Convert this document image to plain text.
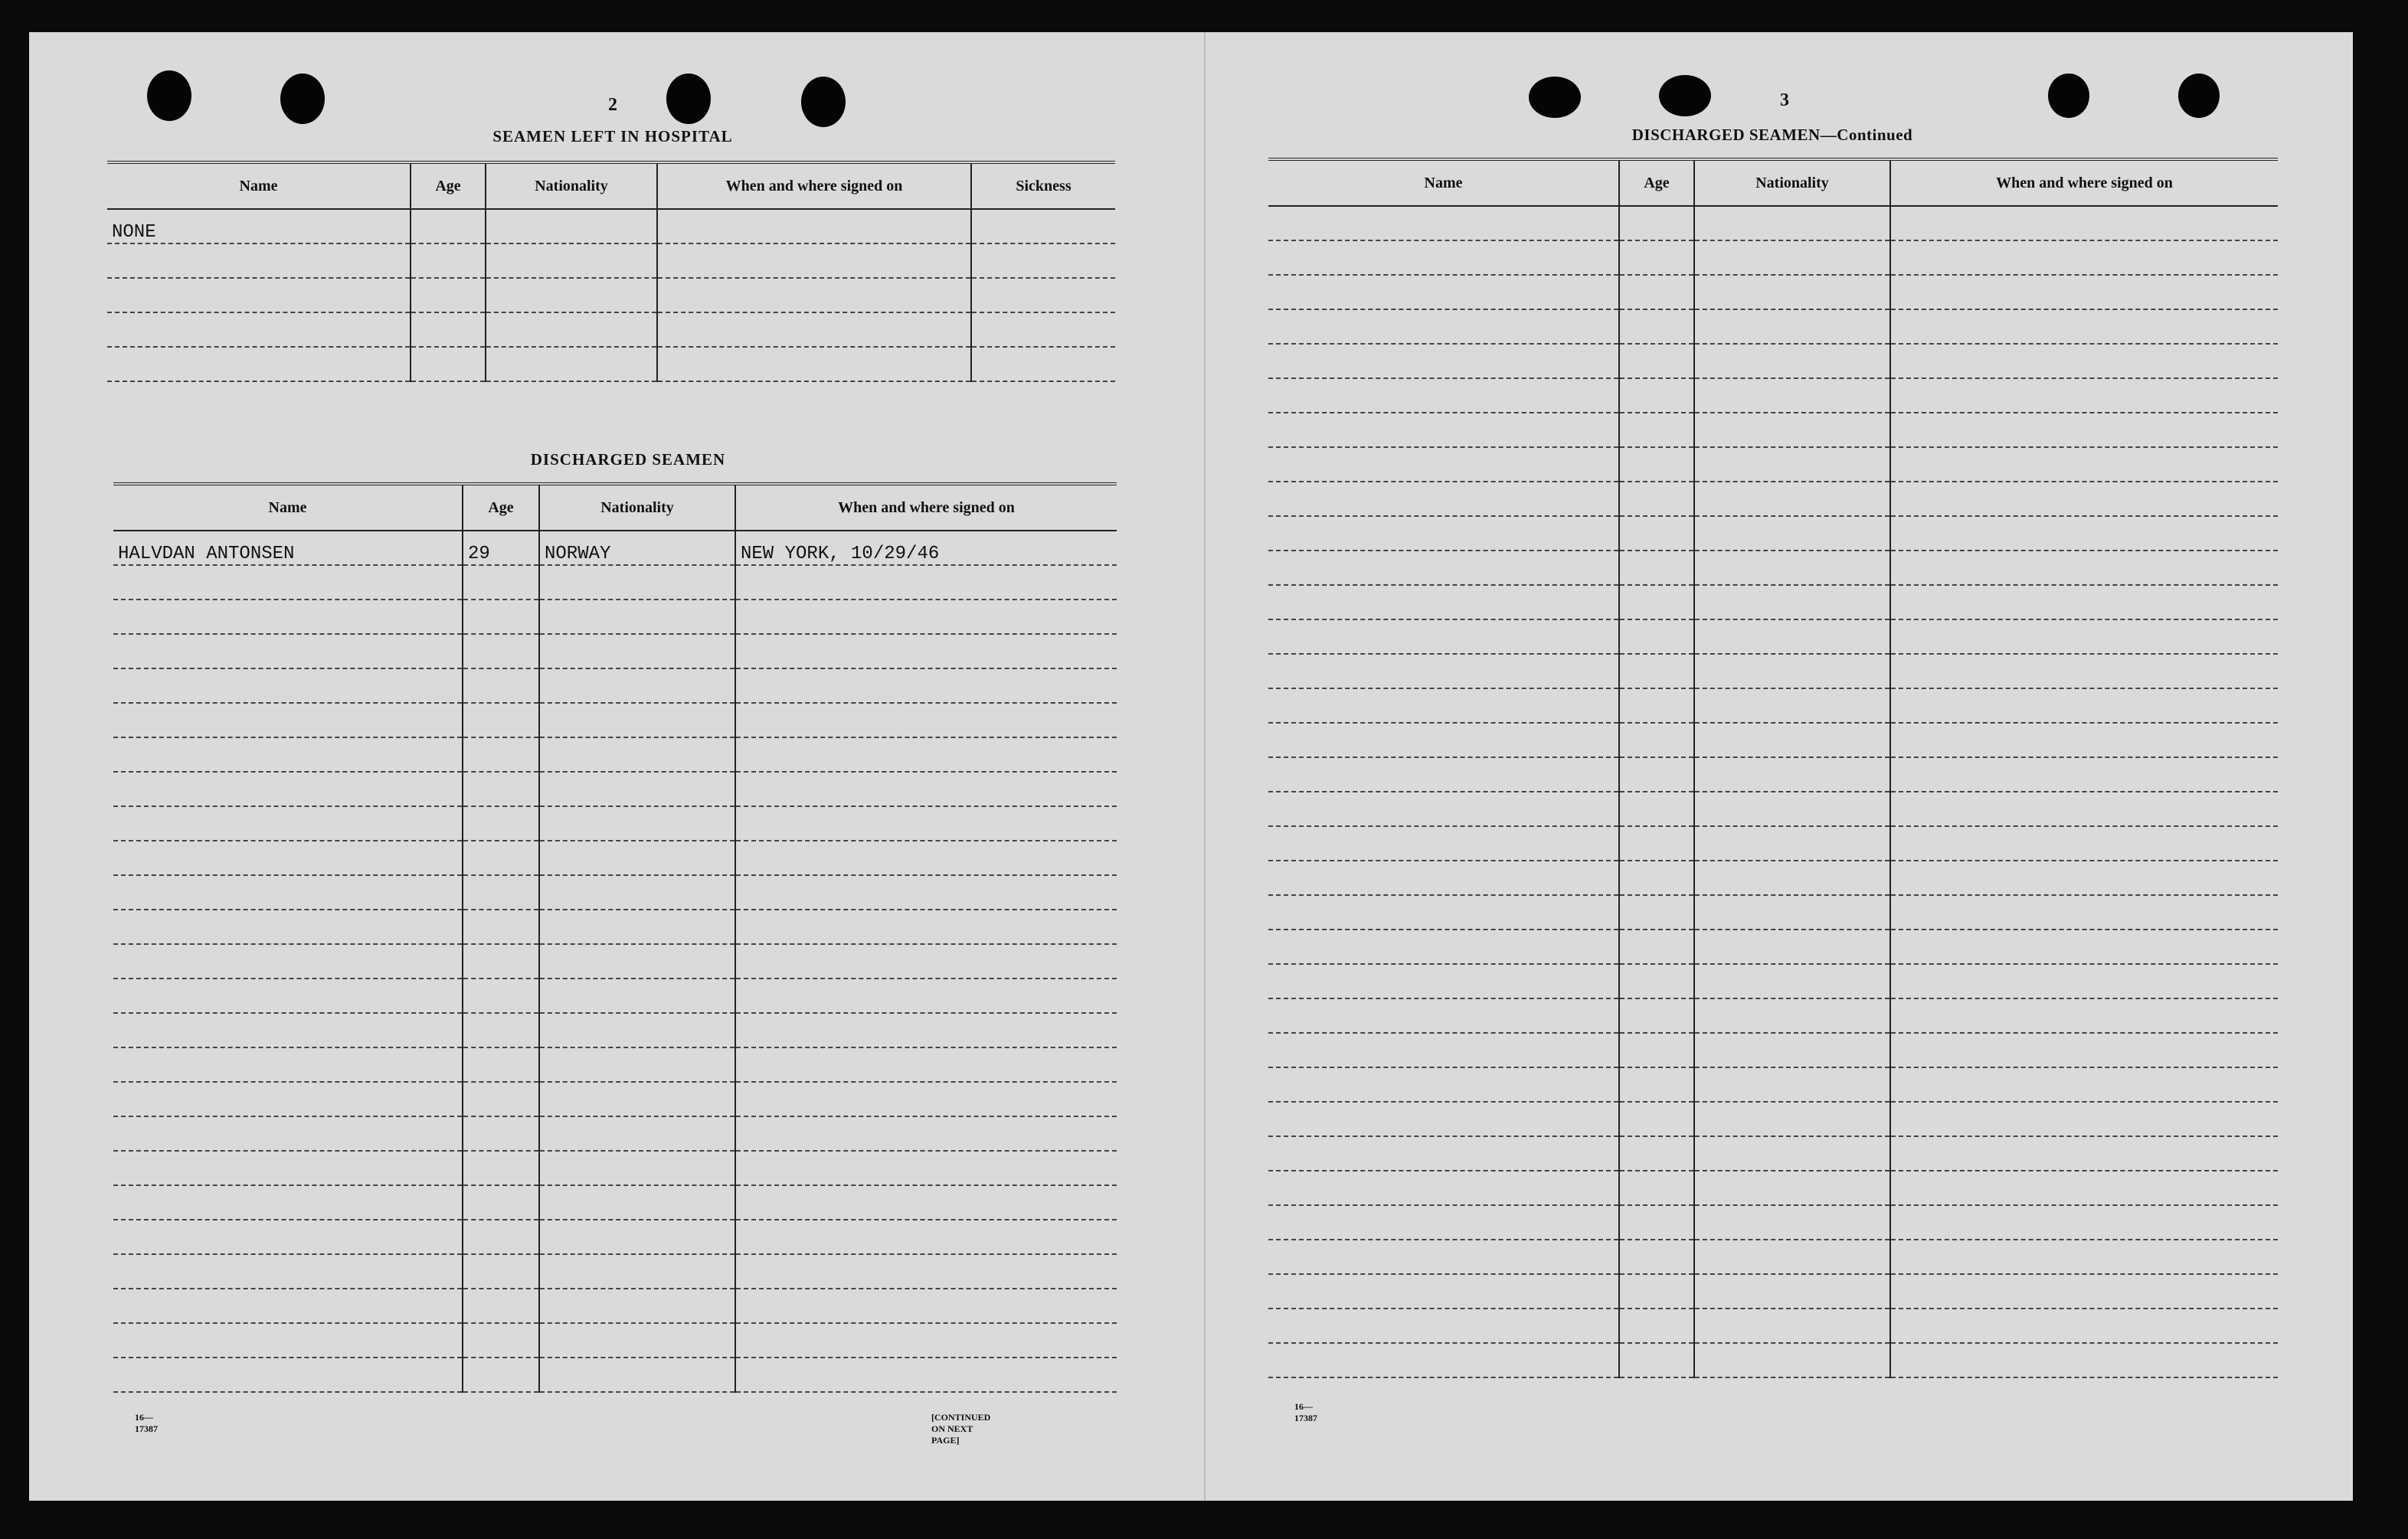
2
SEAMEN LEFT IN HOSPITAL
Name	Age	Nationality	When and where signed on	Sickness
NONE				

DISCHARGED SEAMEN
Name	Age	Nationality	When and where signed on
HALVDAN ANTONSEN	29	NORWAY	NEW YORK, 10/29/46

16—17387
[CONTINUED ON NEXT PAGE]
3
DISCHARGED SEAMEN—Continued
Name	Age	Nationality	When and where signed on

16—17387
